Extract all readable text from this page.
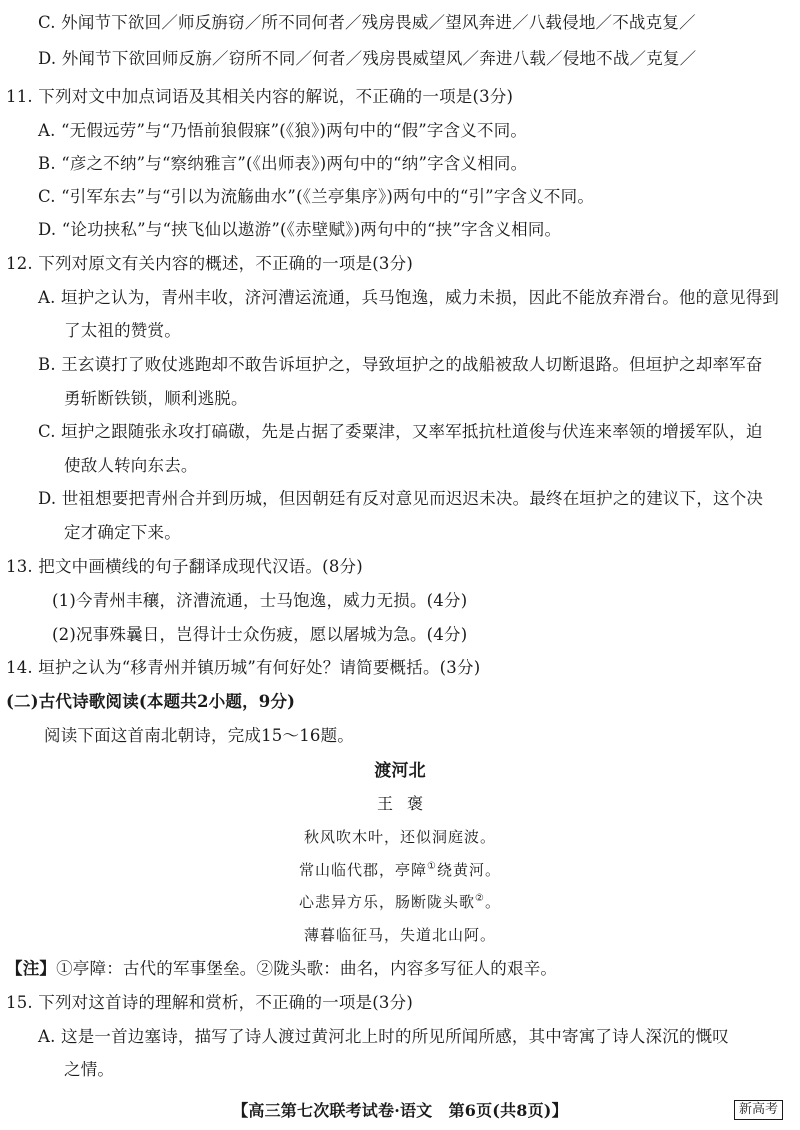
C. 外闻节下欲回／师反旃窃／所不同何者／残房畏威／望风奔进／八载侵地／不战克复／
D. 外闻节下欲回师反旃／窃所不同／何者／残房畏威望风／奔进八载／侵地不战／克复／
11. 下列对文中加点词语及其相关内容的解说，不正确的一项是(3分)
A. “无假远劳”与“乃悟前狼假寐”(《狼》)两句中的“假”字含义不同。
B. “彦之不纳”与“察纳雅言”(《出师表》)两句中的“纳”字含义相同。
C. “引军东去”与“引以为流觞曲水”(《兰亭集序》)两句中的“引”字含义不同。
D. “论功挟私”与“挟飞仙以遨游”(《赤壁赋》)两句中的“挟”字含义相同。
12. 下列对原文有关内容的概述，不正确的一项是(3分)
A. 垣护之认为，青州丰收，济河漕运流通，兵马饱逸，威力未损，因此不能放弃滑台。他的意见得到
了太祖的赞赏。
B. 王玄谟打了败仗逃跑却不敢告诉垣护之，导致垣护之的战船被敌人切断退路。但垣护之却率军奋
勇斩断铁锁，顺利逃脱。
C. 垣护之跟随张永攻打碻磝，先是占据了委粟津，又率军抵抗杜道俊与伏连来率领的增援军队，迫
使敌人转向东去。
D. 世祖想要把青州合并到历城，但因朝廷有反对意见而迟迟未决。最终在垣护之的建议下，这个决
定才确定下来。
13. 把文中画横线的句子翻译成现代汉语。(8分)
(1)今青州丰穰，济漕流通，士马饱逸，威力无损。(4分)
(2)况事殊曩日，岂得计士众伤疲，愿以屠城为急。(4分)
14. 垣护之认为“移青州并镇历城”有何好处？请简要概括。(3分)
(二)古代诗歌阅读(本题共2小题，9分)
阅读下面这首南北朝诗，完成15～16题。
渡河北
王褒
秋风吹木叶，还似洞庭波。
常山临代郡，亭障①绕黄河。
心悲异方乐，肠断陇头歌②。
薄暮临征马，失道北山阿。
【注】①亭障：古代的军事堡垒。②陇头歌：曲名，内容多写征人的艰辛。
15. 下列对这首诗的理解和赏析，不正确的一项是(3分)
A. 这是一首边塞诗，描写了诗人渡过黄河北上时的所见所闻所感，其中寄寓了诗人深沉的慨叹
之情。
【高三第七次联考试卷·语文　第6页(共8页)】	新高考
